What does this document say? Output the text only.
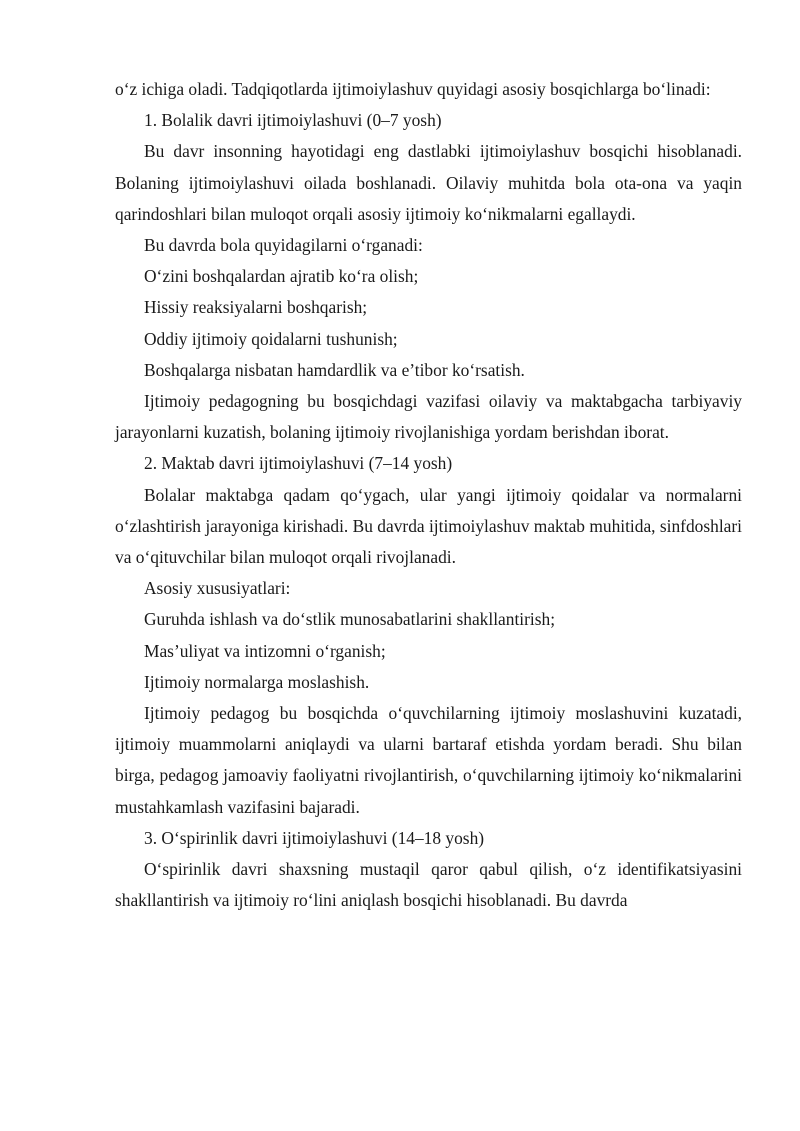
o‘z ichiga oladi. Tadqiqotlarda ijtimoiylashuv quyidagi asosiy bosqichlarga bo‘linadi:

1. Bolalik davri ijtimoiylashuvi (0–7 yosh)

Bu davr insonning hayotidagi eng dastlabki ijtimoiylashuv bosqichi hisoblanadi. Bolaning ijtimoiylashuvi oilada boshlanadi. Oilaviy muhitda bola ota-ona va yaqin qarindoshlari bilan muloqot orqali asosiy ijtimoiy ko‘nikmalarni egallaydi.

Bu davrda bola quyidagilarni o‘rganadi:

O‘zini boshqalardan ajratib ko‘ra olish;

Hissiy reaksiyalarni boshqarish;

Oddiy ijtimoiy qoidalarni tushunish;

Boshqalarga nisbatan hamdardlik va e’tibor ko‘rsatish.

Ijtimoiy pedagogning bu bosqichdagi vazifasi oilaviy va maktabgacha tarbiyaviy jarayonlarni kuzatish, bolaning ijtimoiy rivojlanishiga yordam berishdan iborat.

2. Maktab davri ijtimoiylashuvi (7–14 yosh)

Bolalar maktabga qadam qo‘ygach, ular yangi ijtimoiy qoidalar va normalarni o‘zlashtirish jarayoniga kirishadi. Bu davrda ijtimoiylashuv maktab muhitida, sinfdoshlari va o‘qituvchilar bilan muloqot orqali rivojlanadi.

Asosiy xususiyatlari:

Guruhda ishlash va do‘stlik munosabatlarini shakllantirish;

Mas’uliyat va intizomni o‘rganish;

Ijtimoiy normalarga moslashish.

Ijtimoiy pedagog bu bosqichda o‘quvchilarning ijtimoiy moslashuvini kuzatadi, ijtimoiy muammolarni aniqlaydi va ularni bartaraf etishda yordam beradi. Shu bilan birga, pedagog jamoaviy faoliyatni rivojlantirish, o‘quvchilarning ijtimoiy ko‘nikmalarini mustahkamlash vazifasini bajaradi.

3. O‘spirinlik davri ijtimoiylashuvi (14–18 yosh)

O‘spirinlik davri shaxsning mustaqil qaror qabul qilish, o‘z identifikatsiyasini shakllantirish va ijtimoiy ro‘lini aniqlash bosqichi hisoblanadi. Bu davrda
